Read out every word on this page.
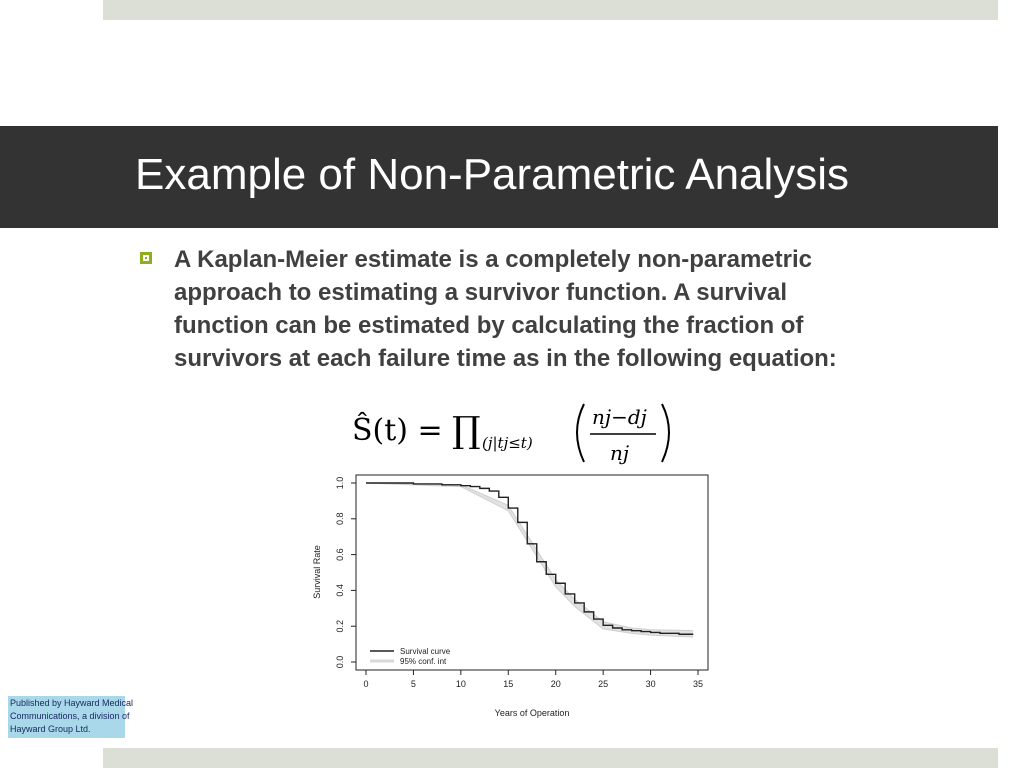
Example of Non-Parametric Analysis
A Kaplan-Meier estimate is a completely non-parametric
approach to estimating a survivor function. A survival
function can be estimated by calculating the fraction of
survivors at each failure time as in the following equation:
Ŝ(t) = ∏ (j|tj≤t)
nj−dj
nj
0	5	10	15	20	25	30	35
0.0
0.2
0.4
0.6
0.8
1.0
Survival Rate
Years of Operation
Survival curve
95% conf. int
Published by Hayward Medical
Communications, a division of
Hayward Group Ltd.
